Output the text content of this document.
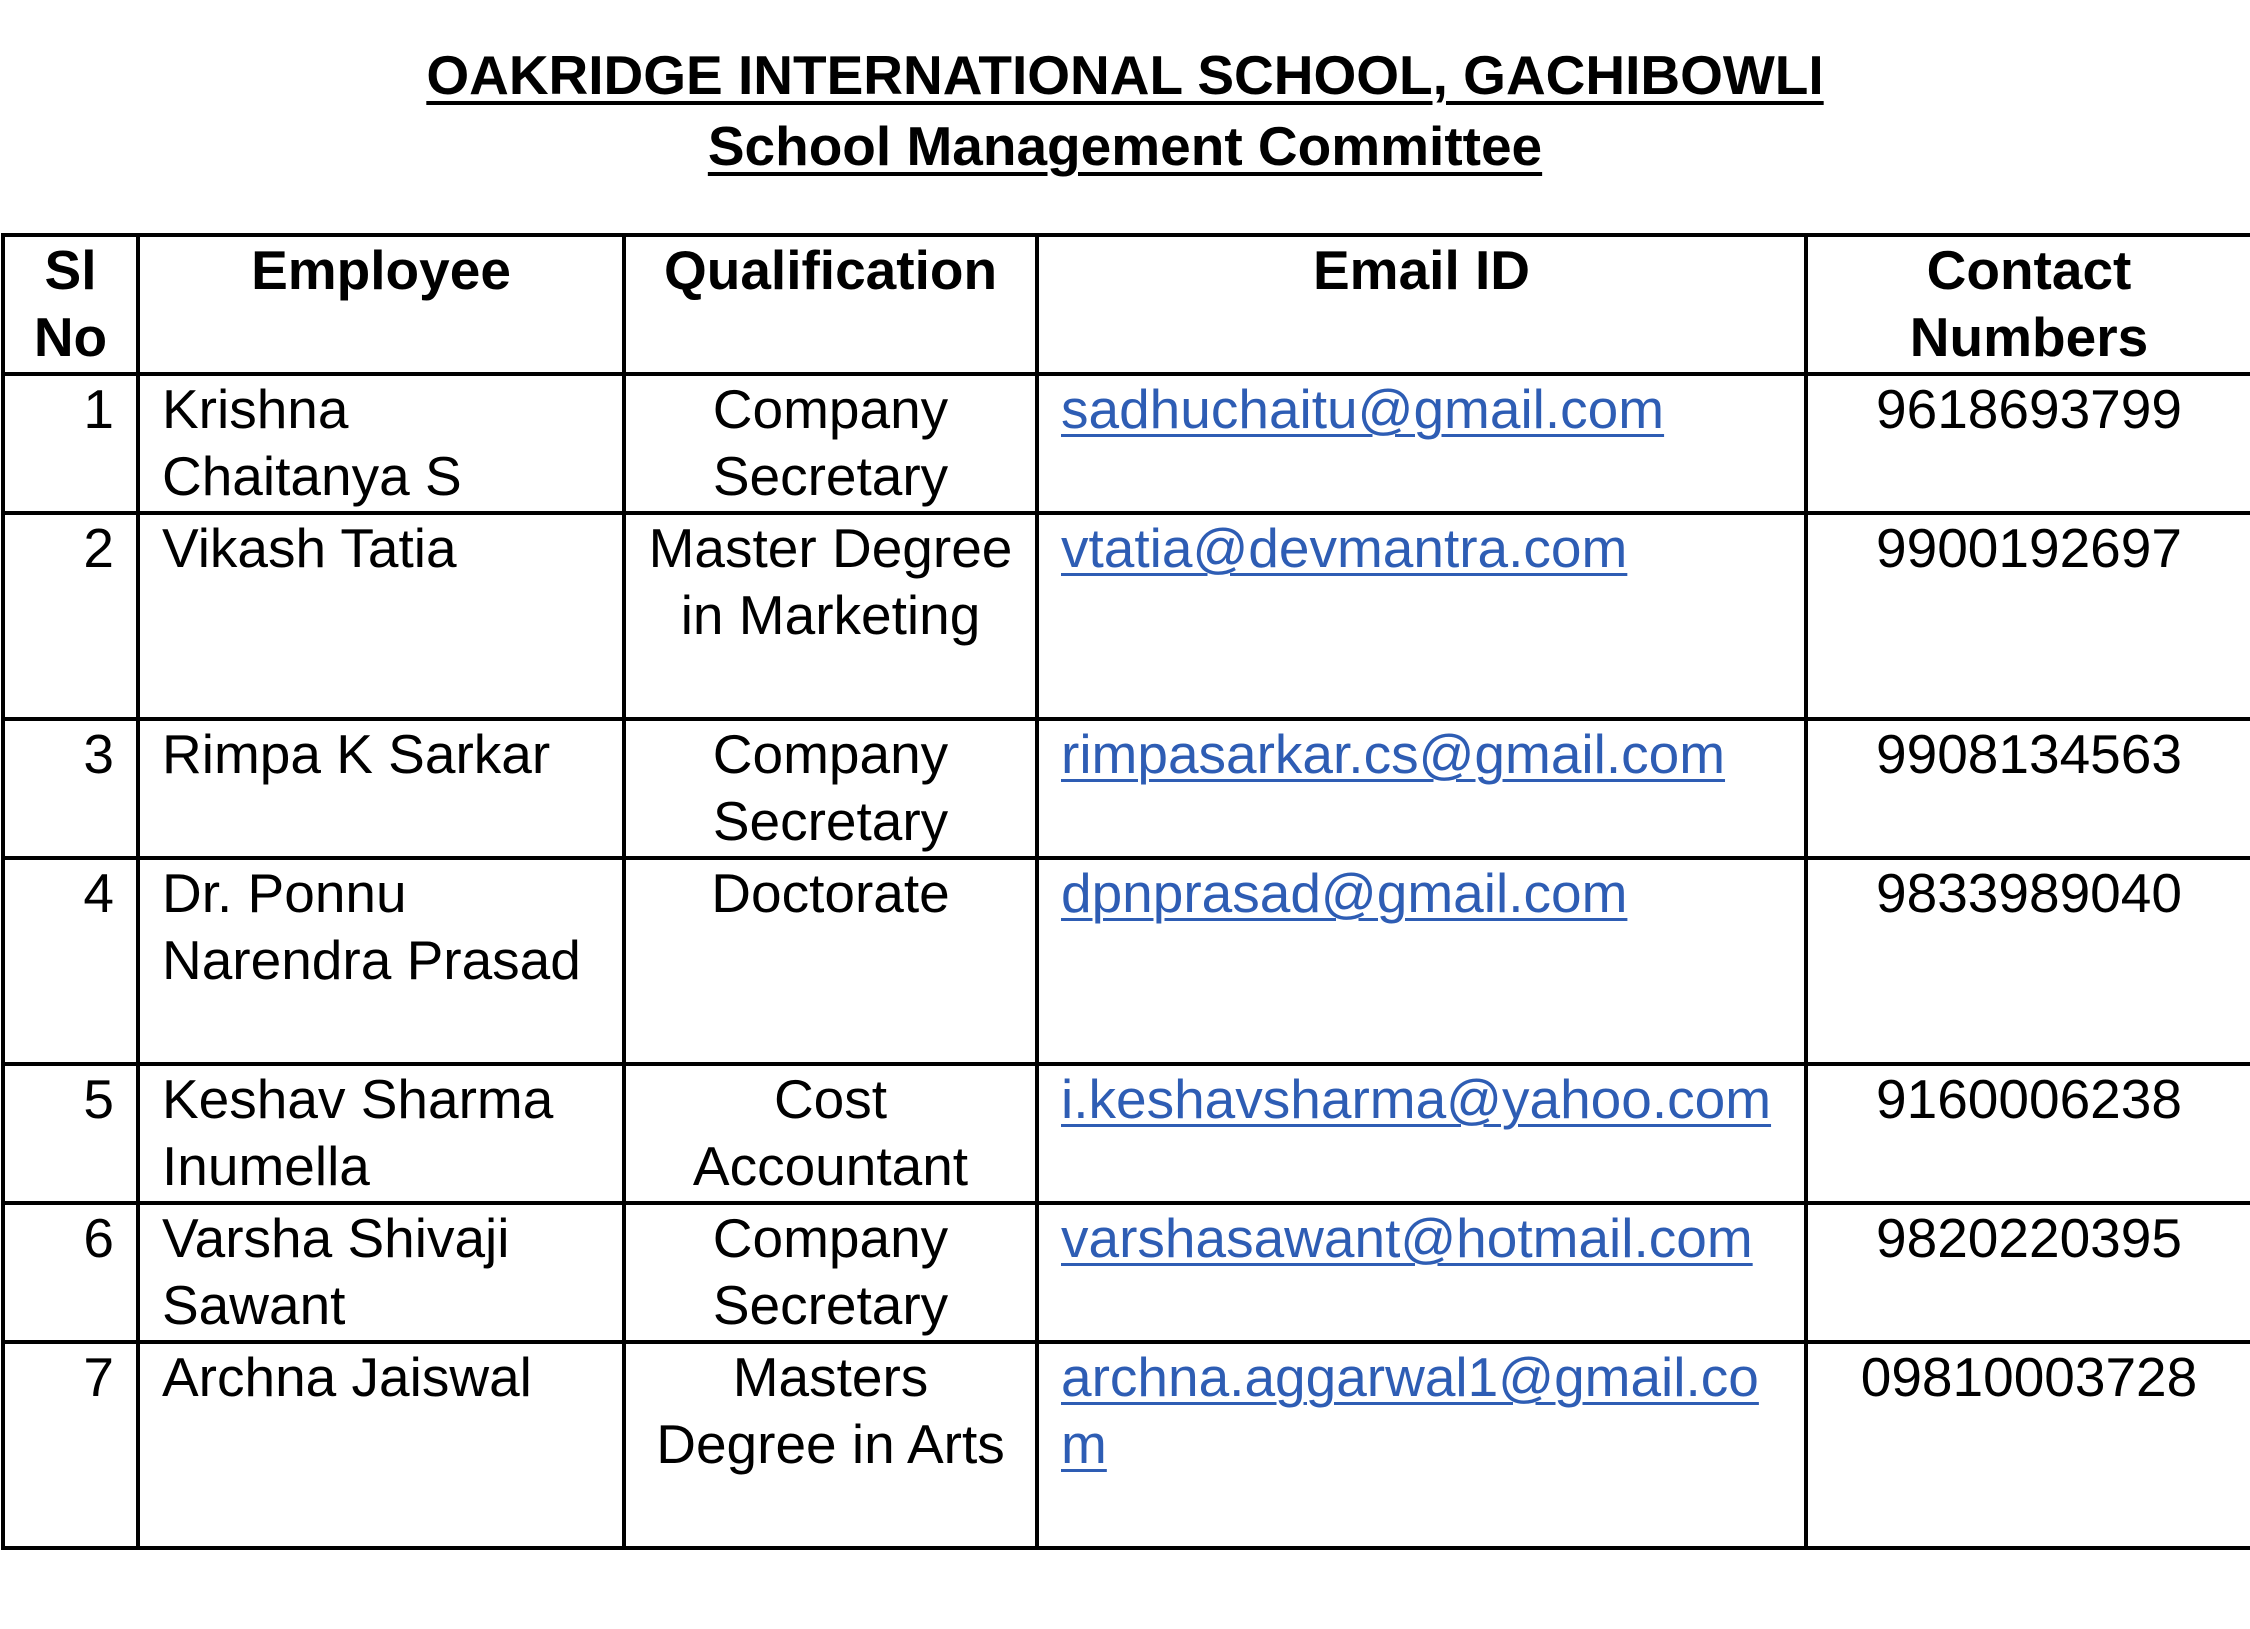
OAKRIDGE INTERNATIONAL SCHOOL, GACHIBOWLI

School Management Committee

Sl No	Employee	Qualification	Email ID	Contact Numbers
1	Krishna Chaitanya S	Company Secretary	sadhuchaitu@gmail.com	9618693799
2	Vikash Tatia	Master Degree in Marketing	vtatia@devmantra.com	9900192697
3	Rimpa K Sarkar	Company Secretary	rimpasarkar.cs@gmail.com	9908134563
4	Dr. Ponnu Narendra Prasad	Doctorate	dpnprasad@gmail.com	9833989040
5	Keshav Sharma Inumella	Cost Accountant	i.keshavsharma@yahoo.com	9160006238
6	Varsha Shivaji Sawant	Company Secretary	varshasawant@hotmail.com	9820220395
7	Archna Jaiswal	Masters Degree in Arts	archna.aggarwal1@gmail.com	09810003728
